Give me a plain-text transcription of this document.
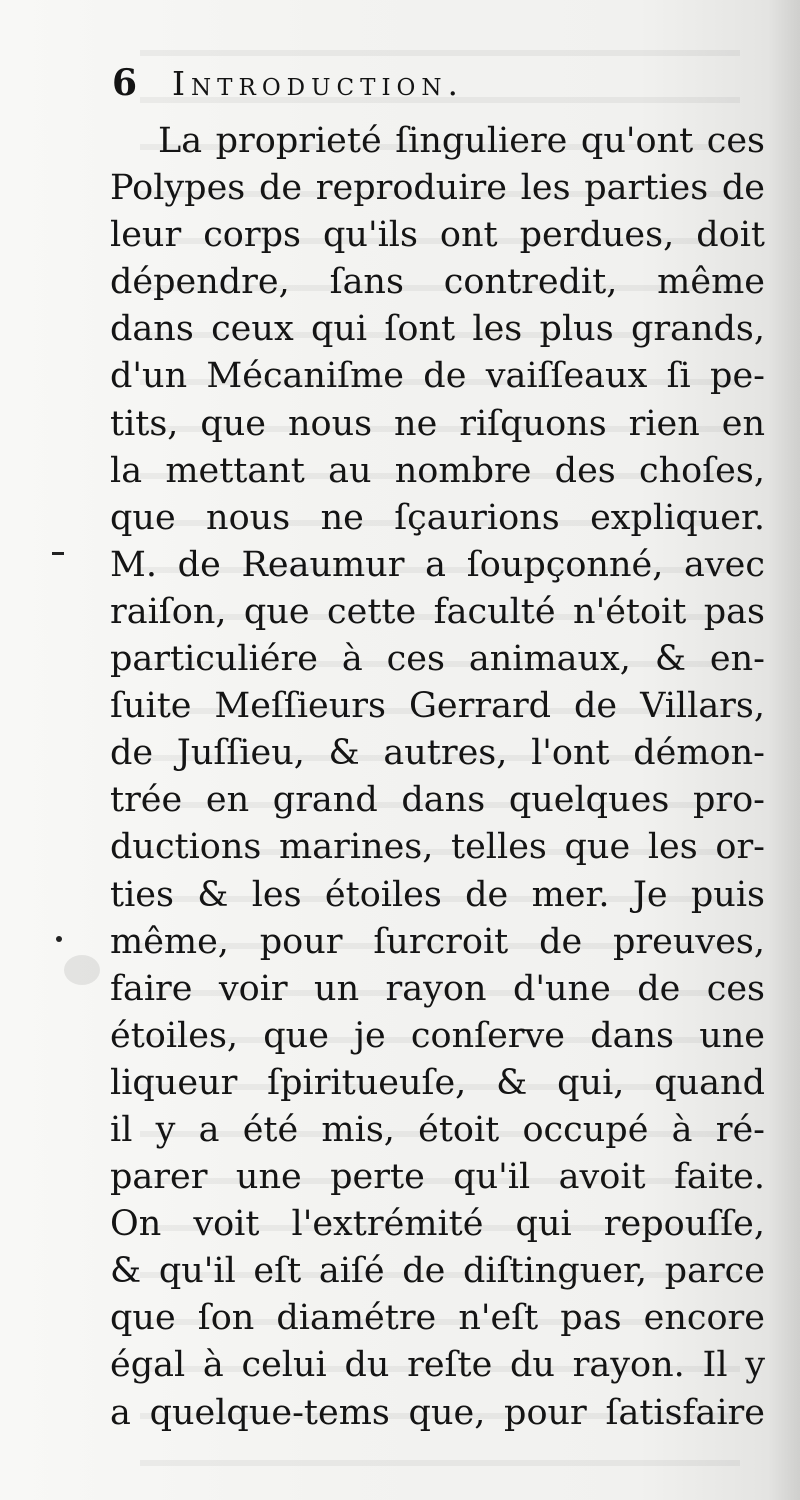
6	Introduction.
La proprieté ſinguliere qu'ont ces
Polypes de reproduire les parties de
leur corps qu'ils ont perdues, doit
dépendre, ſans contredit, même
dans ceux qui ſont les plus grands,
d'un Mécaniſme de vaiſſeaux ſi pe-
tits, que nous ne riſquons rien en
la mettant au nombre des choſes,
que nous ne ſçaurions expliquer.
M. de Reaumur a ſoupçonné, avec
raiſon, que cette faculté n'étoit pas
particuliére à ces animaux, & en-
ſuite Meſſieurs Gerrard de Villars,
de Juſſieu, & autres, l'ont démon-
trée en grand dans quelques pro-
ductions marines, telles que les or-
ties & les étoiles de mer. Je puis
même, pour ſurcroit de preuves,
faire voir un rayon d'une de ces
étoiles, que je conſerve dans une
liqueur ſpiritueuſe, & qui, quand
il y a été mis, étoit occupé à ré-
parer une perte qu'il avoit faite.
On voit l'extrémité qui repouſſe,
& qu'il eſt aiſé de diſtinguer, parce
que ſon diamétre n'eſt pas encore
égal à celui du reſte du rayon. Il y
a quelque-tems que, pour ſatisfaire
